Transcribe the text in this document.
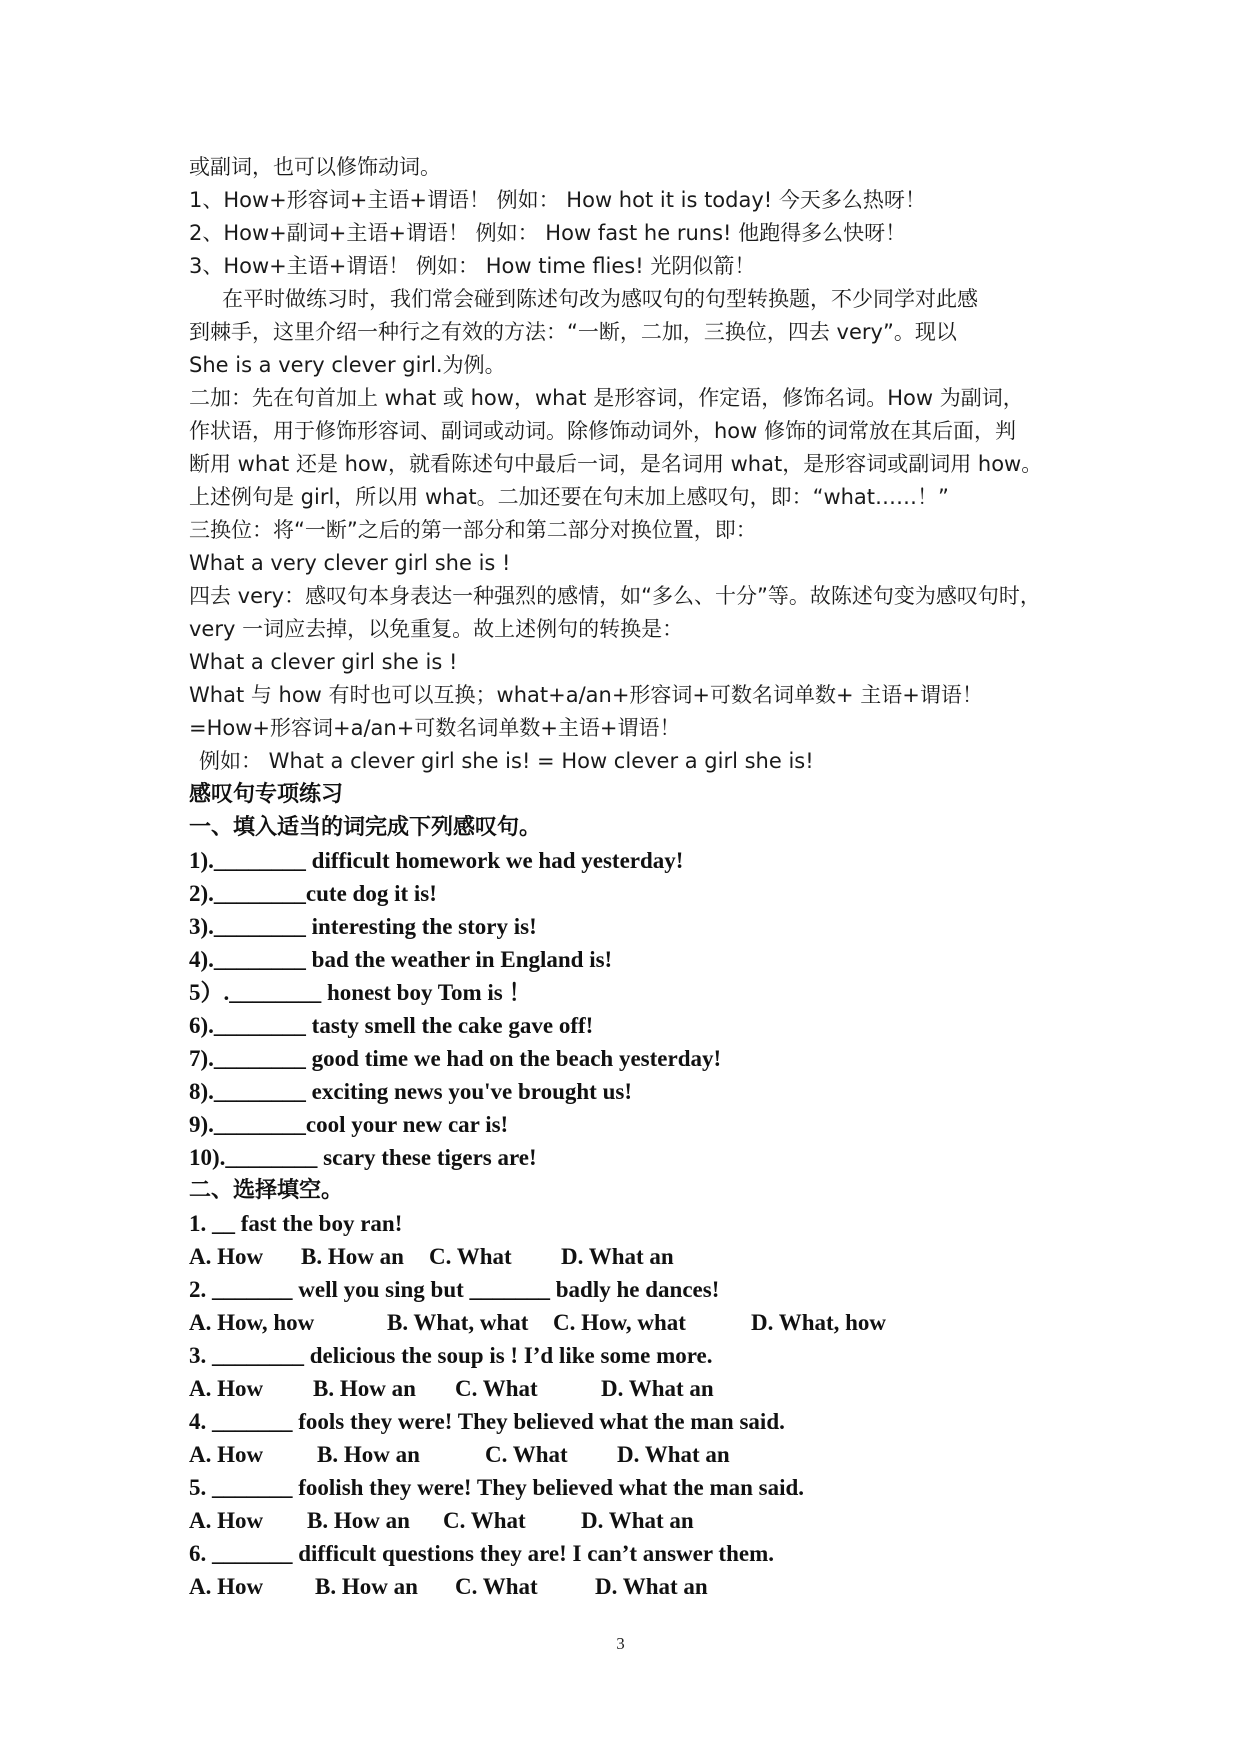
或副词，也可以修饰动词。
1、How+形容词+主语+谓语！ 例如： How hot it is today! 今天多么热呀！
2、How+副词+主语+谓语！ 例如： How fast he runs! 他跑得多么快呀！
3、How+主语+谓语！ 例如： How time flies! 光阴似箭！
在平时做练习时，我们常会碰到陈述句改为感叹句的句型转换题，不少同学对此感
到棘手，这里介绍一种行之有效的方法：“一断，二加，三换位，四去 very”。现以
She is a very clever girl.为例。
二加：先在句首加上 what 或 how，what 是形容词，作定语，修饰名词。How 为副词，
作状语，用于修饰形容词、副词或动词。除修饰动词外，how 修饰的词常放在其后面，判
断用 what 还是 how，就看陈述句中最后一词，是名词用 what，是形容词或副词用 how。
上述例句是 girl，所以用 what。二加还要在句末加上感叹句，即：“what……！”
三换位：将“一断”之后的第一部分和第二部分对换位置，即：
What a very clever girl she is !
四去 very：感叹句本身表达一种强烈的感情，如“多么、十分”等。故陈述句变为感叹句时，
very 一词应去掉，以免重复。故上述例句的转换是：
What a clever girl she is !
What 与 how 有时也可以互换；what+a/an+形容词+可数名词单数+ 主语+谓语！
=How+形容词+a/an+可数名词单数+主语+谓语！
例如： What a clever girl she is! = How clever a girl she is!
感叹句专项练习
一、填入适当的词完成下列感叹句。
1).________ difficult homework we had yesterday!
2).________cute dog it is!
3).________ interesting the story is!
4).________ bad the weather in England is!
5）.________ honest boy Tom is ！
6).________ tasty smell the cake gave off!
7).________ good time we had on the beach yesterday!
8).________ exciting news you've brought us!
9).________cool your new car is!
10).________ scary these tigers are!
二、选择填空。
1. __ fast the boy ran!
A. How	B. How an	C. What	D. What an
2. _______ well you sing but _______ badly he dances!
A. How, how	B. What, what	C. How, what	D. What, how
3. ________ delicious the soup is ! I’d like some more.
A. How	B. How an	C. What	D. What an
4. _______ fools they were! They believed what the man said.
A. How	B. How an	C. What	D. What an
5. _______ foolish they were! They believed what the man said.
A. How	B. How an	C. What	D. What an
6. _______ difficult questions they are! I can’t answer them.
A. How	B. How an	C. What	D. What an
3
